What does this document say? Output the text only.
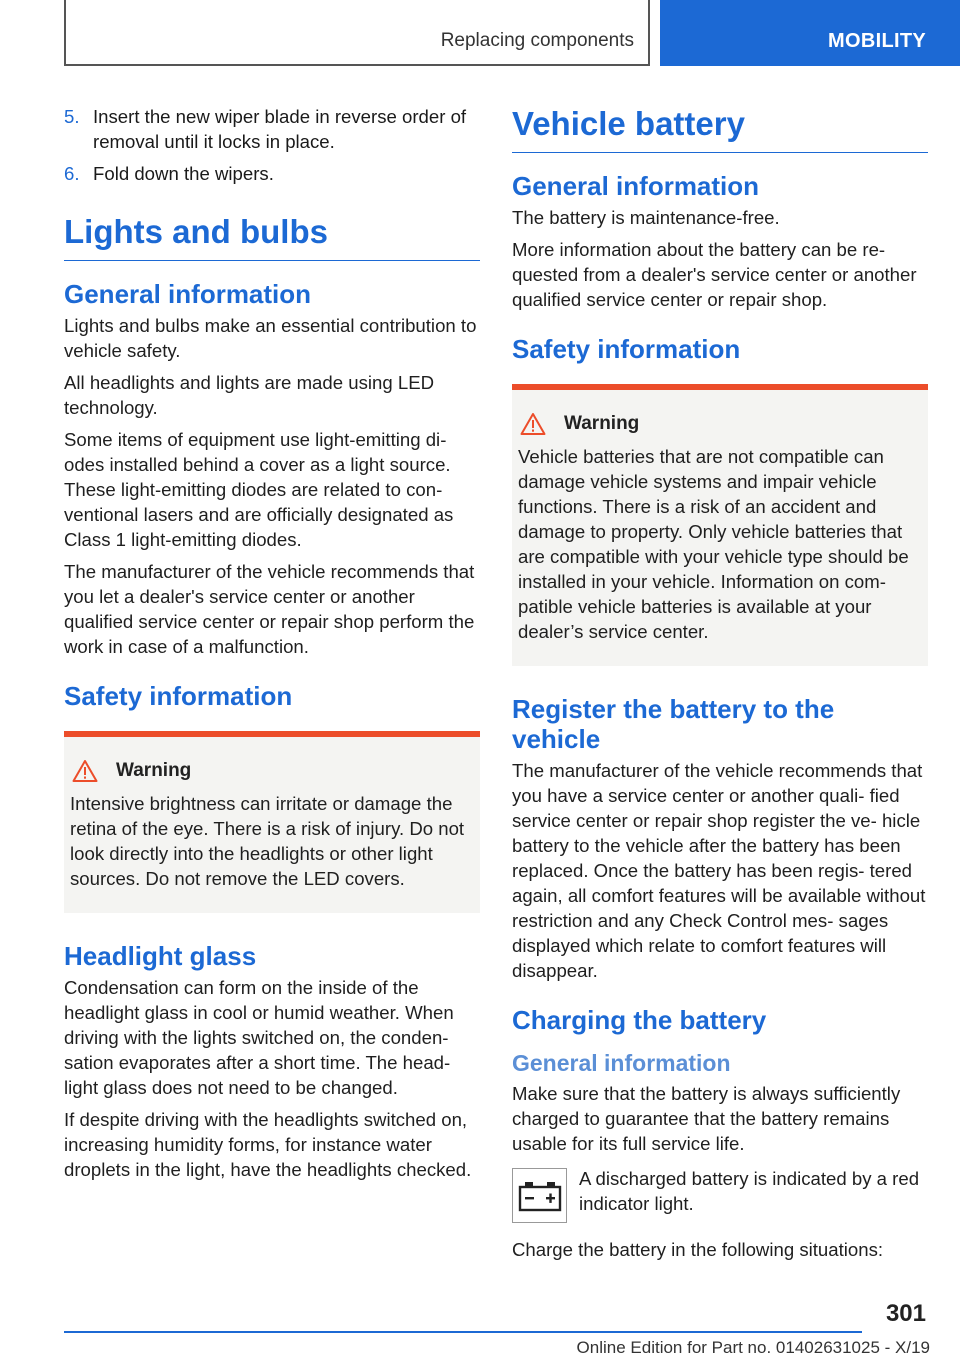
Replacing components	MOBILITY
5. Insert the new wiper blade in reverse order of removal until it locks in place.
6. Fold down the wipers.
Lights and bulbs
General information

Lights and bulbs make an essential contribution to vehicle safety.

All headlights and lights are made using LED technology.

Some items of equipment use light-emitting di‐ odes installed behind a cover as a light source. These light-emitting diodes are related to con‐ ventional lasers and are officially designated as Class 1 light-emitting diodes.

The manufacturer of the vehicle recommends that you let a dealer's service center or another qualified service center or repair shop perform the work in case of a malfunction.

Safety information
Warning

Intensive brightness can irritate or damage the retina of the eye. There is a risk of injury. Do not look directly into the headlights or other light sources. Do not remove the LED covers.

Headlight glass

Condensation can form on the inside of the headlight glass in cool or humid weather. When driving with the lights switched on, the conden‐ sation evaporates after a short time. The head‐ light glass does not need to be changed.

If despite driving with the headlights switched on, increasing humidity forms, for instance water droplets in the light, have the headlights checked.

Vehicle battery
General information

The battery is maintenance-free.

More information about the battery can be re‐ quested from a dealer's service center or another qualified service center or repair shop.

Safety information
Warning

Vehicle batteries that are not compatible can damage vehicle systems and impair vehicle functions. There is a risk of an accident and damage to property. Only vehicle batteries that are compatible with your vehicle type should be installed in your vehicle. Information on com‐ patible vehicle batteries is available at your dealer’s service center.

Register the battery to the vehicle

The manufacturer of the vehicle recommends that you have a service center or another quali‐ fied service center or repair shop register the ve‐ hicle battery to the vehicle after the battery has been replaced. Once the battery has been regis‐ tered again, all comfort features will be available without restriction and any Check Control mes‐ sages displayed which relate to comfort features will disappear.

Charging the battery
General information

Make sure that the battery is always sufficiently charged to guarantee that the battery remains usable for its full service life.

A discharged battery is indicated by a red indicator light.

Charge the battery in the following situations:

301
Online Edition for Part no. 01402631025 - X/19
